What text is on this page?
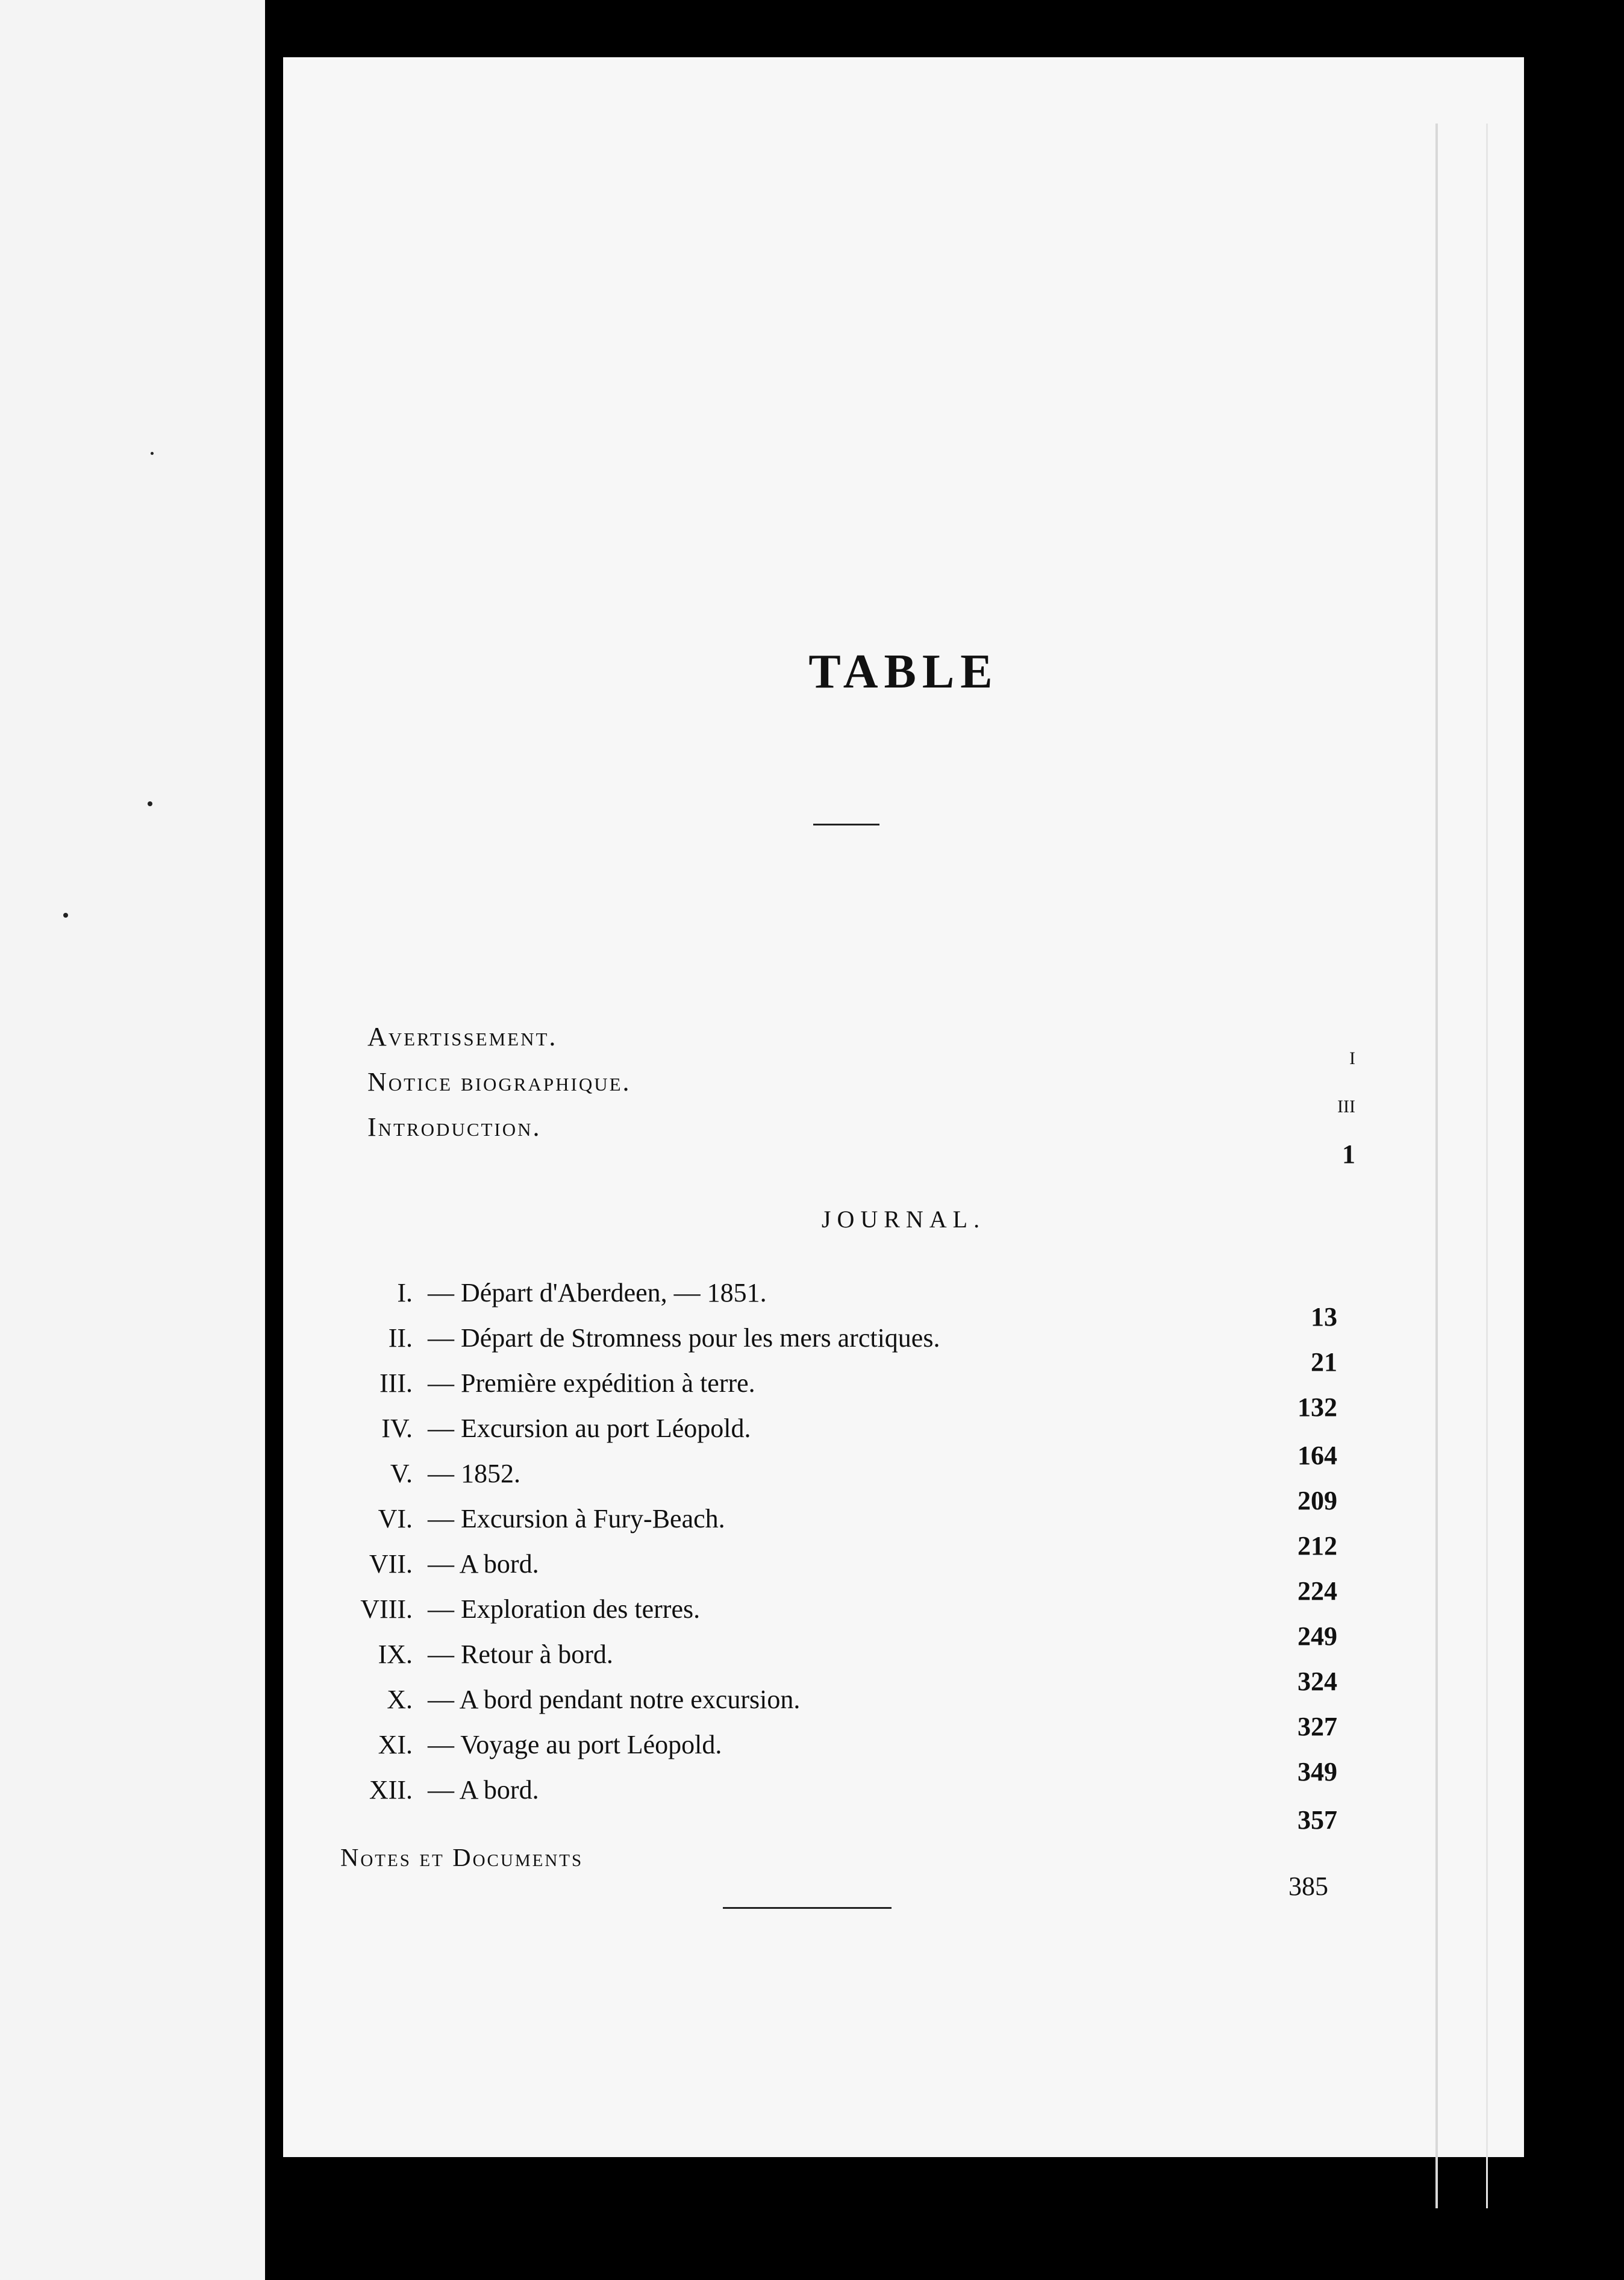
TABLE
Avertissement.
I
Notice biographique.
III
Introduction.
1
JOURNAL.
I. — Départ d'Aberdeen, — 1851.
13
II. — Départ de Stromness pour les mers arctiques.
21
III. — Première expédition à terre.
132
IV. — Excursion au port Léopold.
164
V. — 1852.
209
VI. — Excursion à Fury-Beach.
212
VII. — A bord.
224
VIII. — Exploration des terres.
249
IX. — Retour à bord.
324
X. — A bord pendant notre excursion.
327
XI. — Voyage au port Léopold.
349
XII. — A bord.
357
Notes et Documents
385
